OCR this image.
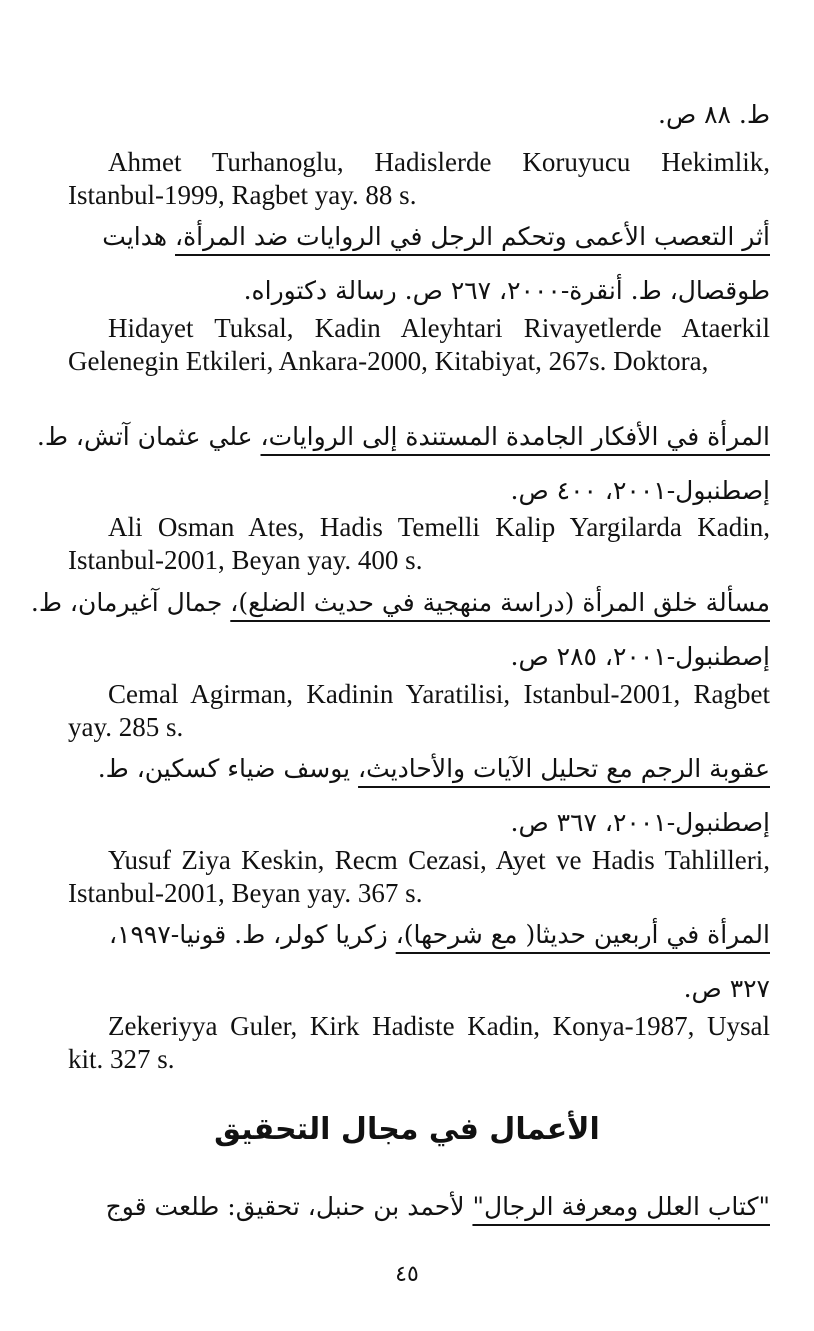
ط. ٨٨ ص.
Ahmet Turhanoglu, Hadislerde Koruyucu Hekimlik, Istanbul-1999, Ragbet yay. 88 s.
أثر التعصب الأعمى وتحكم الرجل في الروايات ضد المرأة، هدايت
طوقصال، ط. أنقرة-٢٠٠٠، ٢٦٧ ص. رسالة دكتوراه.
Hidayet Tuksal, Kadin Aleyhtari Rivayetlerde Ataerkil Gelenegin Etkileri, Ankara-2000, Kitabiyat, 267s. Doktora,
المرأة في الأفكار الجامدة المستندة إلى الروايات، علي عثمان آتش، ط.
إصطنبول-٢٠٠١، ٤٠٠ ص.
Ali Osman Ates, Hadis Temelli Kalip Yargilarda Kadin, Istanbul-2001, Beyan yay. 400 s.
مسألة خلق المرأة (دراسة منهجية في حديث الضلع)، جمال آغيرمان، ط.
إصطنبول-٢٠٠١، ٢٨٥ ص.
Cemal Agirman, Kadinin Yaratilisi, Istanbul-2001, Ragbet yay. 285 s.
عقوبة الرجم مع تحليل الآيات والأحاديث، يوسف ضياء كسكين، ط.
إصطنبول-٢٠٠١، ٣٦٧ ص.
Yusuf Ziya Keskin, Recm Cezasi, Ayet ve Hadis Tahlilleri, Istanbul-2001, Beyan yay. 367 s.
المرأة في أربعين حديثا( مع شرحها)، زكريا كولر، ط. قونيا-١٩٩٧،
٣٢٧ ص.
Zekeriyya Guler, Kirk Hadiste Kadin, Konya-1987, Uysal kit. 327 s.
الأعمال في مجال التحقيق
"كتاب العلل ومعرفة الرجال" لأحمد بن حنبل، تحقيق: طلعت قوج
٤٥
